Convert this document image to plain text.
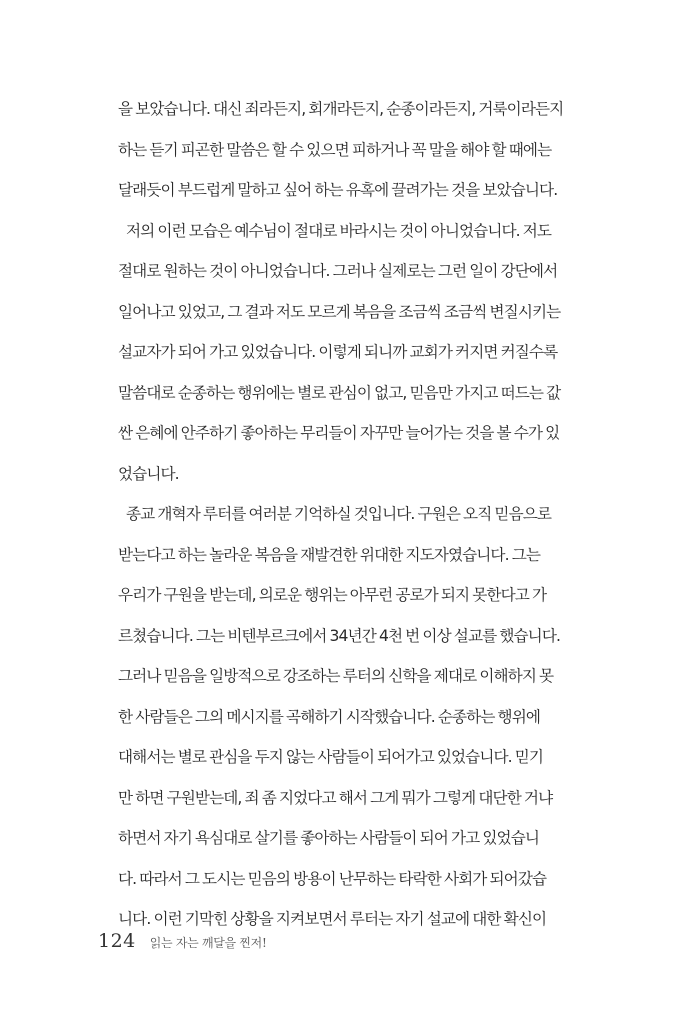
을 보았습니다. 대신 죄라든지, 회개라든지, 순종이라든지, 거룩이라든지
하는 듣기 피곤한 말씀은 할 수 있으면 피하거나 꼭 말을 해야 할 때에는
달래듯이 부드럽게 말하고 싶어 하는 유혹에 끌려가는 것을 보았습니다.
저의 이런 모습은 예수님이 절대로 바라시는 것이 아니었습니다. 저도
절대로 원하는 것이 아니었습니다. 그러나 실제로는 그런 일이 강단에서
일어나고 있었고, 그 결과 저도 모르게 복음을 조금씩 조금씩 변질시키는
설교자가 되어 가고 있었습니다. 이렇게 되니까 교회가 커지면 커질수록
말씀대로 순종하는 행위에는 별로 관심이 없고, 믿음만 가지고 떠드는 값
싼 은혜에 안주하기 좋아하는 무리들이 자꾸만 늘어가는 것을 볼 수가 있
었습니다.
종교 개혁자 루터를 여러분 기억하실 것입니다. 구원은 오직 믿음으로
받는다고 하는 놀라운 복음을 재발견한 위대한 지도자였습니다. 그는
우리가 구원을 받는데, 의로운 행위는 아무런 공로가 되지 못한다고 가
르쳤습니다. 그는 비텐부르크에서 34년간 4천 번 이상 설교를 했습니다.
그러나 믿음을 일방적으로 강조하는 루터의 신학을 제대로 이해하지 못
한 사람들은 그의 메시지를 곡해하기 시작했습니다. 순종하는 행위에
대해서는 별로 관심을 두지 않는 사람들이 되어가고 있었습니다. 믿기
만 하면 구원받는데, 죄 좀 지었다고 해서 그게 뭐가 그렇게 대단한 거냐
하면서 자기 욕심대로 살기를 좋아하는 사람들이 되어 가고 있었습니
다. 따라서 그 도시는 믿음의 방용이 난무하는 타락한 사회가 되어갔습
니다. 이런 기막힌 상황을 지켜보면서 루터는 자기 설교에 대한 확신이
124 읽는 자는 깨달을 찐저!
